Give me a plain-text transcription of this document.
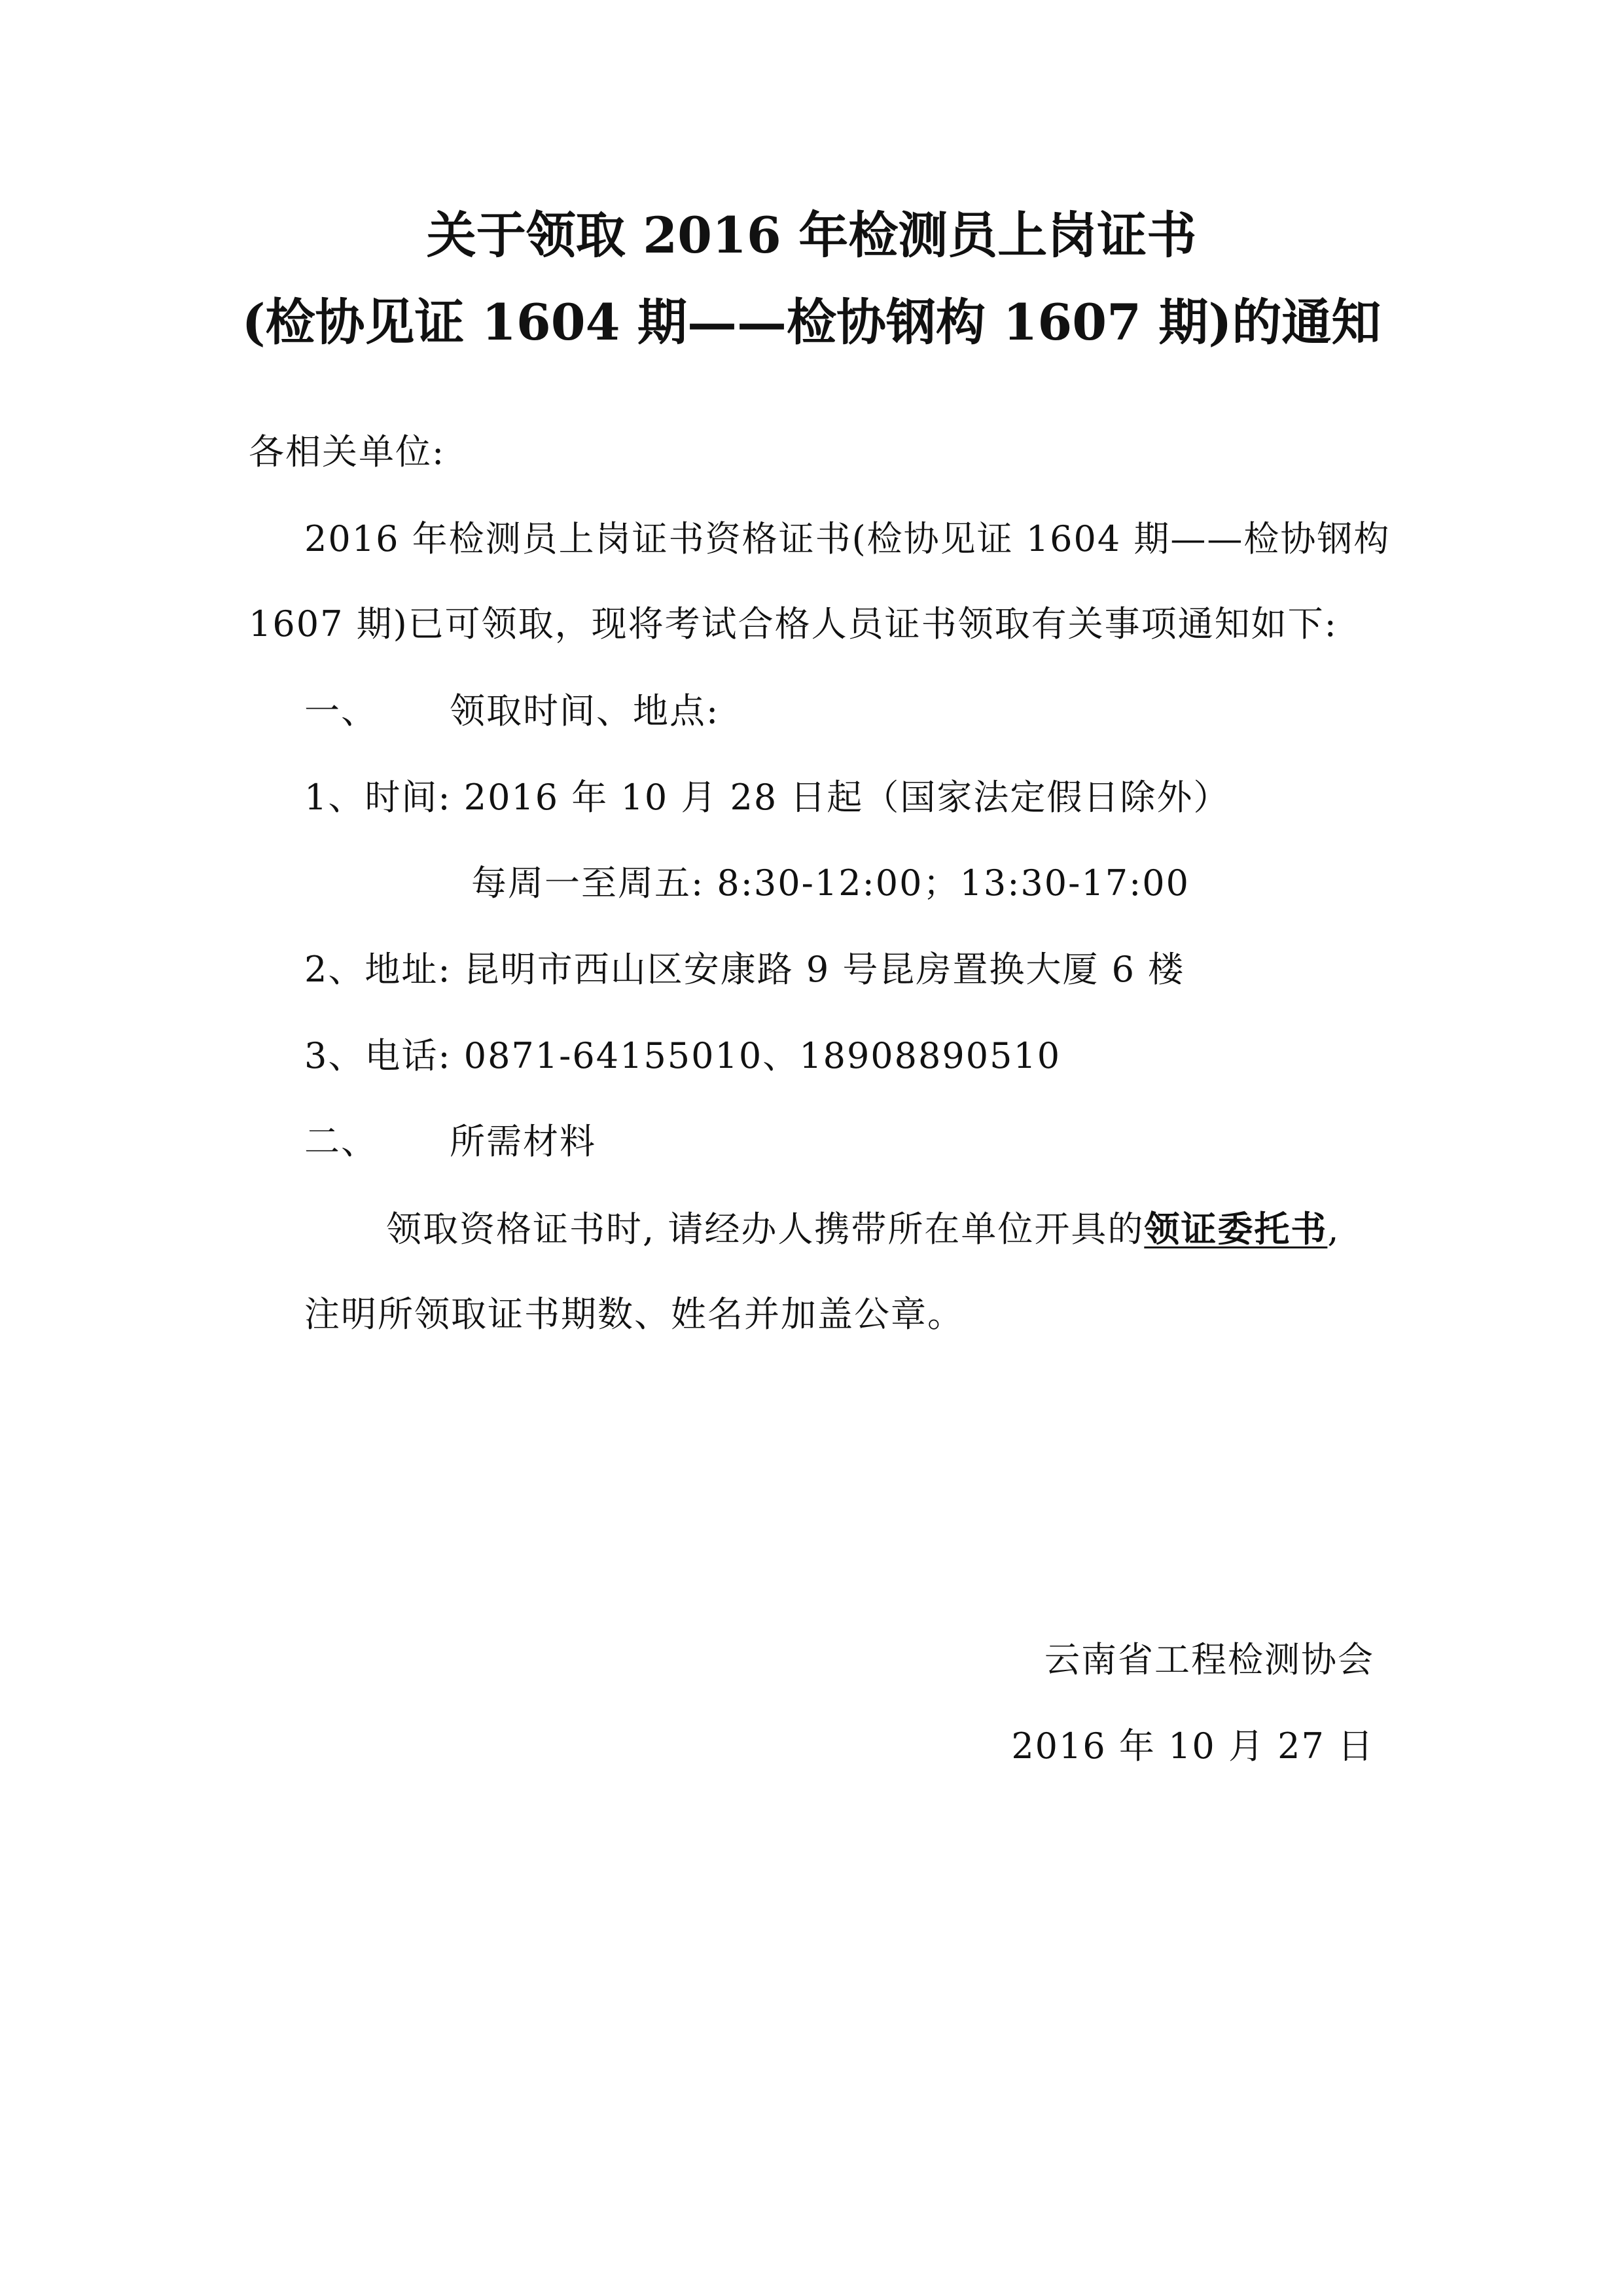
关于领取 2016 年检测员上岗证书
(检协见证 1604 期——检协钢构 1607 期)的通知
各相关单位:
2016 年检测员上岗证书资格证书(检协见证 1604 期——检协钢构
1607 期)已可领取，现将考试合格人员证书领取有关事项通知如下:
一、 领取时间、地点:
1、时间: 2016 年 10 月 28 日起（国家法定假日除外）
每周一至周五: 8:30-12:00；13:30-17:00
2、地址: 昆明市西山区安康路 9 号昆房置换大厦 6 楼
3、电话: 0871-64155010、18908890510
二、 所需材料
领取资格证书时, 请经办人携带所在单位开具的领证委托书,
注明所领取证书期数、姓名并加盖公章。
云南省工程检测协会
2016 年 10 月 27 日
